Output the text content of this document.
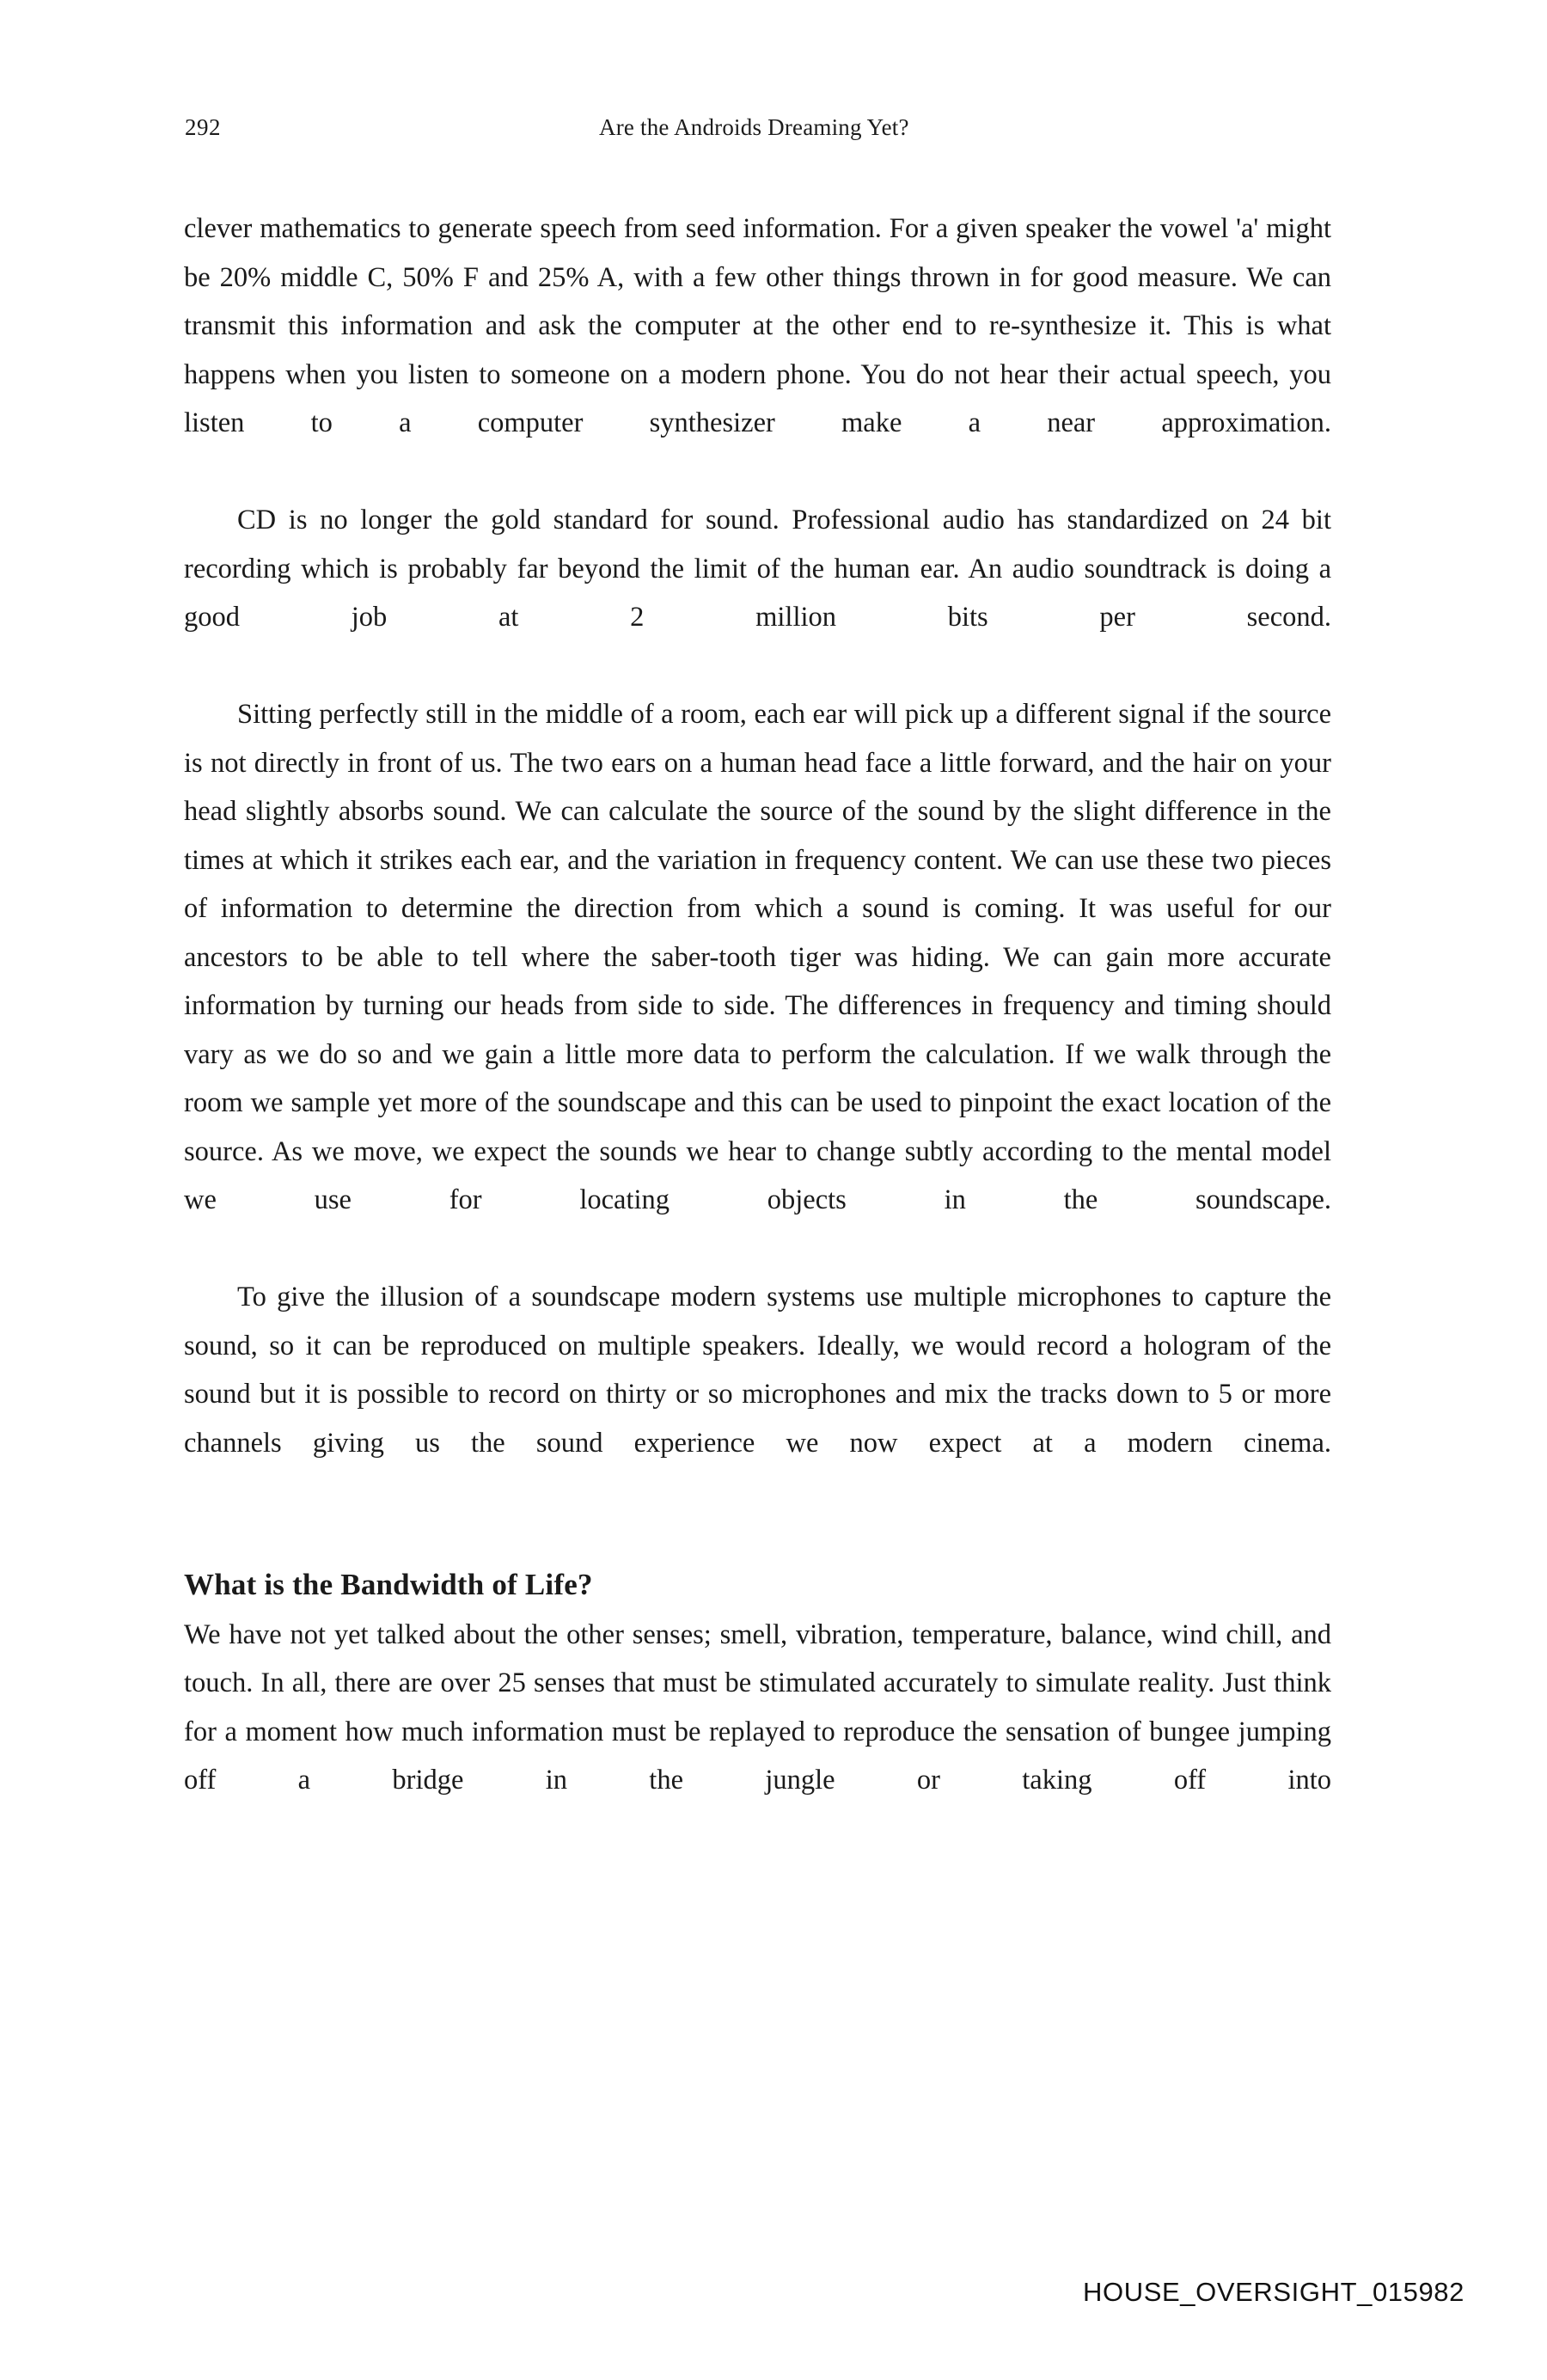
292	Are the Androids Dreaming Yet?

clever mathematics to generate speech from seed information. For a given speaker the vowel 'a' might be 20% middle C, 50% F and 25% A, with a few other things thrown in for good measure. We can transmit this information and ask the computer at the other end to re-synthesize it. This is what happens when you listen to someone on a modern phone. You do not hear their actual speech, you listen to a computer synthesizer make a near approximation.

CD is no longer the gold standard for sound. Professional audio has standardized on 24 bit recording which is probably far beyond the limit of the human ear. An audio soundtrack is doing a good job at 2 million bits per second.

Sitting perfectly still in the middle of a room, each ear will pick up a different signal if the source is not directly in front of us. The two ears on a human head face a little forward, and the hair on your head slightly absorbs sound. We can calculate the source of the sound by the slight difference in the times at which it strikes each ear, and the variation in frequency content. We can use these two pieces of information to determine the direction from which a sound is coming. It was useful for our ancestors to be able to tell where the saber-tooth tiger was hiding. We can gain more accurate information by turning our heads from side to side. The differences in frequency and timing should vary as we do so and we gain a little more data to perform the calculation. If we walk through the room we sample yet more of the soundscape and this can be used to pinpoint the exact location of the source. As we move, we expect the sounds we hear to change subtly according to the mental model we use for locating objects in the soundscape.

To give the illusion of a soundscape modern systems use multiple microphones to capture the sound, so it can be reproduced on multiple speakers. Ideally, we would record a hologram of the sound but it is possible to record on thirty or so microphones and mix the tracks down to 5 or more channels giving us the sound experience we now expect at a modern cinema.

What is the Bandwidth of Life?

We have not yet talked about the other senses; smell, vibration, temperature, balance, wind chill, and touch. In all, there are over 25 senses that must be stimulated accurately to simulate reality. Just think for a moment how much information must be replayed to reproduce the sensation of bungee jumping off a bridge in the jungle or taking off into

HOUSE_OVERSIGHT_015982
